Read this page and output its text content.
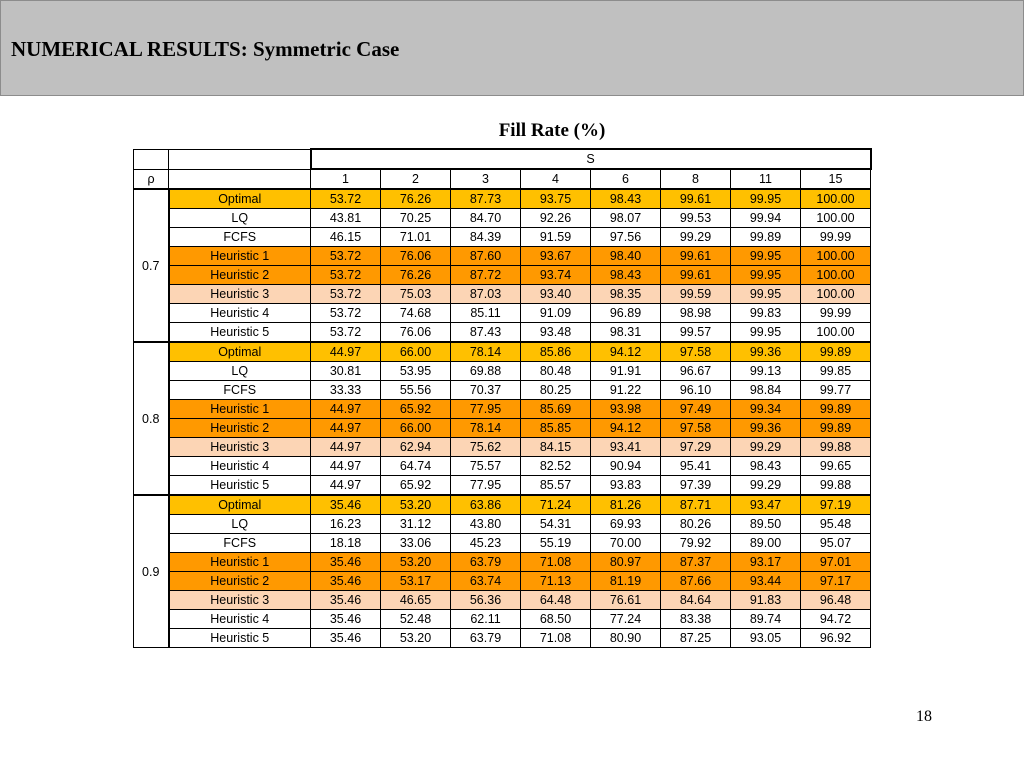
NUMERICAL RESULTS: Symmetric Case
Fill Rate (%)
		S							
ρ		1	2	3	4	6	8	11	15
0.7	Optimal	53.72	76.26	87.73	93.75	98.43	99.61	99.95	100.00
	LQ	43.81	70.25	84.70	92.26	98.07	99.53	99.94	100.00
	FCFS	46.15	71.01	84.39	91.59	97.56	99.29	99.89	99.99
	Heuristic 1	53.72	76.06	87.60	93.67	98.40	99.61	99.95	100.00
	Heuristic 2	53.72	76.26	87.72	93.74	98.43	99.61	99.95	100.00
	Heuristic 3	53.72	75.03	87.03	93.40	98.35	99.59	99.95	100.00
	Heuristic 4	53.72	74.68	85.11	91.09	96.89	98.98	99.83	99.99
	Heuristic 5	53.72	76.06	87.43	93.48	98.31	99.57	99.95	100.00
0.8	Optimal	44.97	66.00	78.14	85.86	94.12	97.58	99.36	99.89
	LQ	30.81	53.95	69.88	80.48	91.91	96.67	99.13	99.85
	FCFS	33.33	55.56	70.37	80.25	91.22	96.10	98.84	99.77
	Heuristic 1	44.97	65.92	77.95	85.69	93.98	97.49	99.34	99.89
	Heuristic 2	44.97	66.00	78.14	85.85	94.12	97.58	99.36	99.89
	Heuristic 3	44.97	62.94	75.62	84.15	93.41	97.29	99.29	99.88
	Heuristic 4	44.97	64.74	75.57	82.52	90.94	95.41	98.43	99.65
	Heuristic 5	44.97	65.92	77.95	85.57	93.83	97.39	99.29	99.88
0.9	Optimal	35.46	53.20	63.86	71.24	81.26	87.71	93.47	97.19
	LQ	16.23	31.12	43.80	54.31	69.93	80.26	89.50	95.48
	FCFS	18.18	33.06	45.23	55.19	70.00	79.92	89.00	95.07
	Heuristic 1	35.46	53.20	63.79	71.08	80.97	87.37	93.17	97.01
	Heuristic 2	35.46	53.17	63.74	71.13	81.19	87.66	93.44	97.17
	Heuristic 3	35.46	46.65	56.36	64.48	76.61	84.64	91.83	96.48
	Heuristic 4	35.46	52.48	62.11	68.50	77.24	83.38	89.74	94.72
	Heuristic 5	35.46	53.20	63.79	71.08	80.90	87.25	93.05	96.92
18
